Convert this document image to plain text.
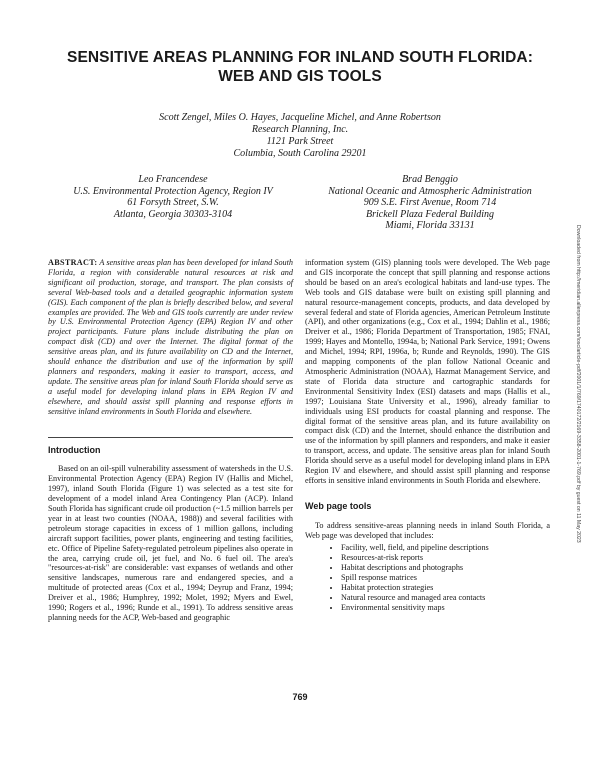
SENSITIVE AREAS PLANNING FOR INLAND SOUTH FLORIDA:
WEB AND GIS TOOLS
Scott Zengel, Miles O. Hayes, Jacqueline Michel, and Anne Robertson
Research Planning, Inc.
1121 Park Street
Columbia, South Carolina 29201
Leo Francendese
U.S. Environmental Protection Agency, Region IV
61 Forsyth Street, S.W.
Atlanta, Georgia 30303-3104
Brad Benggio
National Oceanic and Atmospheric Administration
909 S.E. First Avenue, Room 714
Brickell Plaza Federal Building
Miami, Florida 33131

ABSTRACT: A sensitive areas plan has been developed for inland South Florida, a region with considerable natural resources at risk and significant oil production, storage, and transport. The plan consists of several Web-based tools and a detailed geographic information system (GIS). Each component of the plan is briefly described below, and several examples are provided. The Web and GIS tools currently are under review by U.S. Environmental Protection Agency (EPA) Region IV and other project participants. Future plans include distributing the plan on compact disk (CD) and over the Internet. The digital format of the sensitive areas plan, and its future availability on CD and the Internet, should enhance the distribution and use of the information by spill planners and responders, making it easier to transport, access, and update. The sensitive areas plan for inland South Florida should serve as a useful model for developing inland plans in EPA Region IV and elsewhere, and should assist spill planning and response efforts in sensitive inland environments in South Florida and elsewhere.

Introduction

Based on an oil-spill vulnerability assessment of watersheds in the U.S. Environmental Protection Agency (EPA) Region IV (Hallis and Michel, 1997), inland South Florida (Figure 1) was selected as a test site for development of a model inland Area Contingency Plan (ACP). Inland South Florida has significant crude oil production (~1.5 million barrels per year in at least two counties (NOAA, 1988)) and several facilities with petroleum storage capacities in excess of 1 million gallons, including aircraft support facilities, power plants, engineering and testing facilities, etc. Office of Pipeline Safety-regulated petroleum pipelines also operate in the area, carrying crude oil, jet fuel, and No. 6 fuel oil. The area's "resources-at-risk" are considerable: vast expanses of wetlands and other sensitive landscapes, numerous rare and endangered species, and a multitude of protected areas (Cox et al., 1994; Deyrup and Franz, 1994; Dreiver et al., 1986; Humphrey, 1992; Molet, 1992; Myers and Ewel, 1990; Rogers et al., 1996; Runde et al., 1991). To address sensitive areas planning needs for the ACP, Web-based and geographic

information system (GIS) planning tools were developed. The Web page and GIS incorporate the concept that spill planning and response actions should be based on an area's ecological habitats and land-use types. The Web tools and GIS database were built on existing spill planning and natural resource-management concepts, products, and data developed by several federal and state of Florida agencies, American Petroleum Institute (API), and other organizations (e.g., Cox et al., 1994; Dahlin et al., 1986; Dreiver et al., 1986; Florida Department of Transportation, 1985; FNAI, 1999; Hayes and Montello, 1994a, b; National Park Service, 1991; Owens and Michel, 1994; RPI, 1996a, b; Runde and Reynolds, 1990). The GIS and mapping components of the plan follow National Oceanic and Atmospheric Administration (NOAA), Hazmat Management Service, and state of Florida data structure and cartographic standards for Environmental Sensitivity Index (ESI) datasets and maps (Hallis et al., 1997; Louisiana State University et al., 1996), already familiar to individuals using ESI products for coastal planning and response. The digital format of the sensitive areas plan, and its future availability on compact disk (CD) and the Internet, should enhance the distribution and use of the information by spill planners and responders, and make it easier to transport, access, and update. The sensitive areas plan for inland South Florida should serve as a useful model for developing inland plans in EPA Region IV and elsewhere, and should assist spill planning and response efforts in sensitive inland environments in South Florida and elsewhere.

Web page tools

To address sensitive-areas planning needs in inland South Florida, a Web page was developed that includes:

• Facility, well, field, and pipeline descriptions
• Resources-at-risk reports
• Habitat descriptions and photographs
• Spill response matrices
• Habitat protection strategies
• Natural resource and managed area contacts
• Environmental sensitivity maps
Downloaded from http://meridian.allenpress.com/iosc/article-pdf/2001/1/769/1740172/2169-3358-2001-1-769.pdf by guest on 11 May 2023
769
